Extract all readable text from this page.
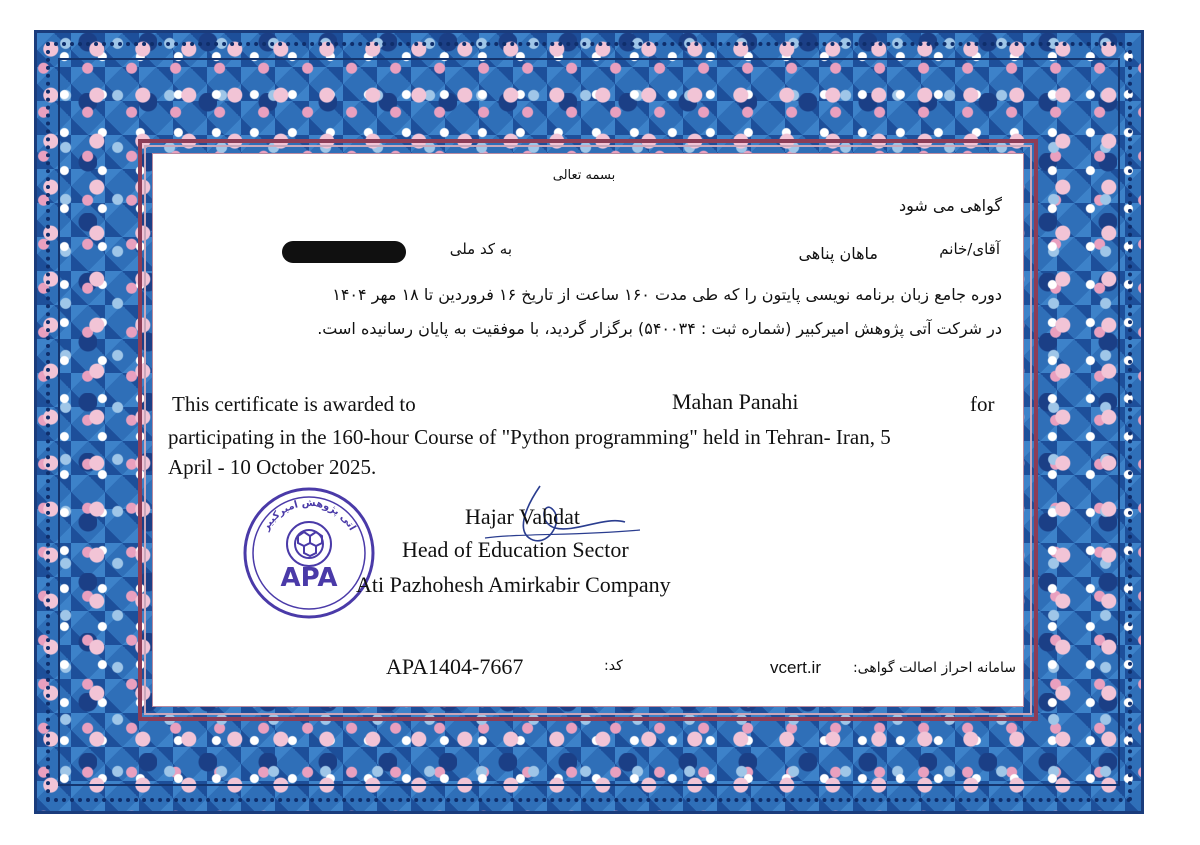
بسمه تعالی
گواهی می شود
آقای/خانم
ماهان پناهی
به کد ملی
دوره جامع زبان برنامه نویسی پایتون را که طی مدت ۱۶۰ ساعت از تاریخ ۱۶ فروردین تا ۱۸ مهر ۱۴۰۴
در شرکت آتی پژوهش امیرکبیر (شماره ثبت : ۵۴۰۰۳۴) برگزار گردید، با موفقیت به پایان رسانیده است.
This certificate is awarded to	Mahan Panahi	for
participating in the 160-hour Course of "Python programming" held in Tehran- Iran, 5
April - 10 October 2025.
آتی پژوهش امیرکبیر
APA
Hajar Vahdat
Head of Education Sector
Ati Pazhohesh Amirkabir Company
APA1404-7667	کد:	vcert.ir سامانه احراز اصالت گواهی:
